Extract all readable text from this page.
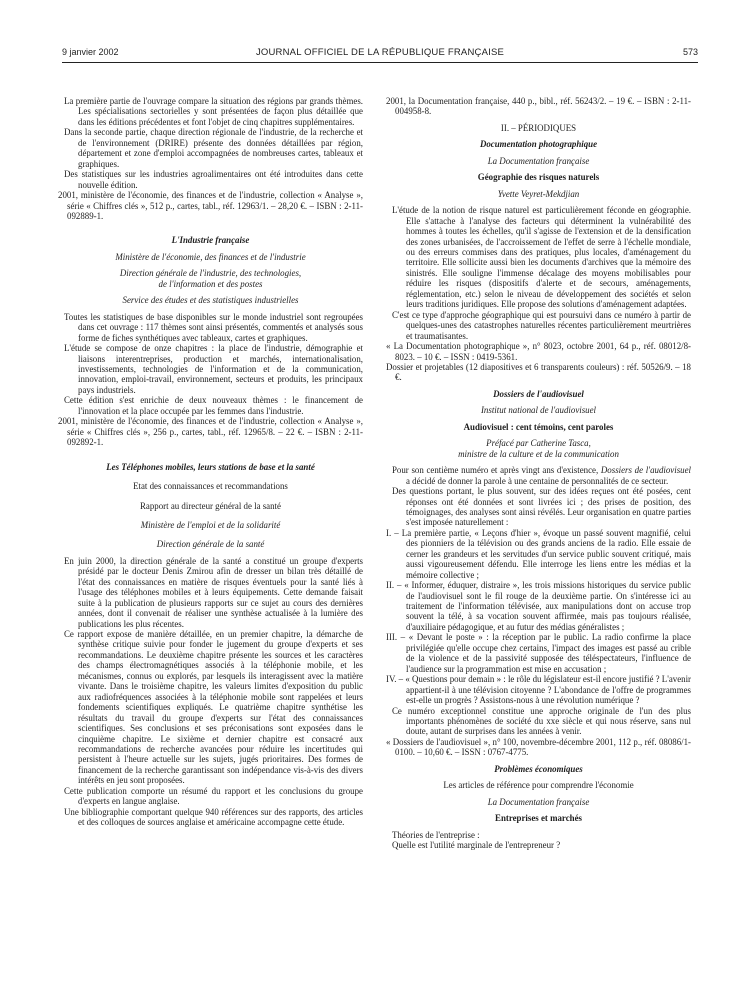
9 janvier 2002	JOURNAL OFFICIEL DE LA RÉPUBLIQUE FRANÇAISE	573

La première partie de l'ouvrage compare la situation des régions par grands thèmes. Les spécialisations sectorielles y sont présentées de façon plus détaillée que dans les éditions précédentes et font l'objet de cinq chapitres supplémentaires.

Dans la seconde partie, chaque direction régionale de l'industrie, de la recherche et de l'environnement (DRIRE) présente des données détaillées par région, département et zone d'emploi accompagnées de nombreuses cartes, tableaux et graphiques.

Des statistiques sur les industries agroalimentaires ont été introduites dans cette nouvelle édition.

2001, ministère de l'économie, des finances et de l'industrie, collection « Analyse », série « Chiffres clés », 512 p., cartes, tabl., réf. 12963/1. – 28,20 €. – ISBN : 2-11-092889-1.

L'Industrie française

Ministère de l'économie, des finances et de l'industrie

Direction générale de l'industrie, des technologies,

de l'information et des postes

Service des études et des statistiques industrielles

Toutes les statistiques de base disponibles sur le monde industriel sont regroupées dans cet ouvrage : 117 thèmes sont ainsi présentés, commentés et analysés sous forme de fiches synthétiques avec tableaux, cartes et graphiques.

L'étude se compose de onze chapitres : la place de l'industrie, démographie et liaisons interentreprises, production et marchés, internationalisation, investissements, technologies de l'information et de la communication, innovation, emploi-travail, environnement, secteurs et produits, les principaux pays industriels.

Cette édition s'est enrichie de deux nouveaux thèmes : le financement de l'innovation et la place occupée par les femmes dans l'industrie.

2001, ministère de l'économie, des finances et de l'industrie, collection « Analyse », série « Chiffres clés », 256 p., cartes, tabl., réf. 12965/8. – 22 €. – ISBN : 2-11-092892-1.

Les Téléphones mobiles, leurs stations de base et la santé

Etat des connaissances et recommandations

Rapport au directeur général de la santé

Ministère de l'emploi et de la solidarité

Direction générale de la santé

En juin 2000, la direction générale de la santé a constitué un groupe d'experts présidé par le docteur Denis Zmirou afin de dresser un bilan très détaillé de l'état des connaissances en matière de risques éventuels pour la santé liés à l'usage des téléphones mobiles et à leurs équipements. Cette demande faisait suite à la publication de plusieurs rapports sur ce sujet au cours des dernières années, dont il convenait de réaliser une synthèse actualisée à la lumière des publications les plus récentes.

Ce rapport expose de manière détaillée, en un premier chapitre, la démarche de synthèse critique suivie pour fonder le jugement du groupe d'experts et ses recommandations. Le deuxième chapitre présente les sources et les caractères des champs électromagnétiques associés à la téléphonie mobile, et les mécanismes, connus ou explorés, par lesquels ils interagissent avec la matière vivante. Dans le troisième chapitre, les valeurs limites d'exposition du public aux radiofréquences associées à la téléphonie mobile sont rappelées et leurs fondements scientifiques expliqués. Le quatrième chapitre synthétise les résultats du travail du groupe d'experts sur l'état des connaissances scientifiques. Ses conclusions et ses préconisations sont exposées dans le cinquième chapitre. Le sixième et dernier chapitre est consacré aux recommandations de recherche avancées pour réduire les incertitudes qui persistent à l'heure actuelle sur les sujets, jugés prioritaires. Des formes de financement de la recherche garantissant son indépendance vis-à-vis des divers intérêts en jeu sont proposées.

Cette publication comporte un résumé du rapport et les conclusions du groupe d'experts en langue anglaise.

Une bibliographie comportant quelque 940 références sur des rapports, des articles et des colloques de sources anglaise et américaine accompagne cette étude.

2001, la Documentation française, 440 p., bibl., réf. 56243/2. – 19 €. – ISBN : 2-11-004958-8.

II. – PÉRIODIQUES

Documentation photographique

La Documentation française

Géographie des risques naturels

Yvette Veyret-Mekdjian

L'étude de la notion de risque naturel est particulièrement féconde en géographie. Elle s'attache à l'analyse des facteurs qui déterminent la vulnérabilité des hommes à toutes les échelles, qu'il s'agisse de l'extension et de la densification des zones urbanisées, de l'accroissement de l'effet de serre à l'échelle mondiale, ou des erreurs commises dans des pratiques, plus locales, d'aménagement du territoire. Elle sollicite aussi bien les documents d'archives que la mémoire des sinistrés. Elle souligne l'immense décalage des moyens mobilisables pour réduire les risques (dispositifs d'alerte et de secours, aménagements, réglementation, etc.) selon le niveau de développement des sociétés et selon leurs traditions juridiques. Elle propose des solutions d'aménagement adaptées.

C'est ce type d'approche géographique qui est poursuivi dans ce numéro à partir de quelques-unes des catastrophes naturelles récentes particulièrement meurtrières et traumatisantes.

« La Documentation photographique », n° 8023, octobre 2001, 64 p., réf. 08012/8-8023. – 10 €. – ISSN : 0419-5361.

Dossier et projetables (12 diapositives et 6 transparents couleurs) : réf. 50526/9. – 18 €.

Dossiers de l'audiovisuel

Institut national de l'audiovisuel

Audiovisuel : cent témoins, cent paroles

Préfacé par Catherine Tasca,

ministre de la culture et de la communication

Pour son centième numéro et après vingt ans d'existence, Dossiers de l'audiovisuel a décidé de donner la parole à une centaine de personnalités de ce secteur.

Des questions portant, le plus souvent, sur des idées reçues ont été posées, cent réponses ont été données et sont livrées ici ; des prises de position, des témoignages, des analyses sont ainsi révélés. Leur organisation en quatre parties s'est imposée naturellement :

I. – La première partie, « Leçons d'hier », évoque un passé souvent magnifié, celui des pionniers de la télévision ou des grands anciens de la radio. Elle essaie de cerner les grandeurs et les servitudes d'un service public souvent critiqué, mais aussi vigoureusement défendu. Elle interroge les liens entre les médias et la mémoire collective ;

II. – « Informer, éduquer, distraire », les trois missions historiques du service public de l'audiovisuel sont le fil rouge de la deuxième partie. On s'intéresse ici au traitement de l'information télévisée, aux manipulations dont on accuse trop souvent la télé, à sa vocation souvent affirmée, mais pas toujours réalisée, d'auxiliaire pédagogique, et au futur des médias généralistes ;

III. – « Devant le poste » : la réception par le public. La radio confirme la place privilégiée qu'elle occupe chez certains, l'impact des images est passé au crible de la violence et de la passivité supposée des téléspectateurs, l'influence de l'audience sur la programmation est mise en accusation ;

IV. – « Questions pour demain » : le rôle du législateur est-il encore justifié ? L'avenir appartient-il à une télévision citoyenne ? L'abondance de l'offre de programmes est-elle un progrès ? Assistons-nous à une révolution numérique ?

Ce numéro exceptionnel constitue une approche originale de l'un des plus importants phénomènes de société du xxe siècle et qui nous réserve, sans nul doute, autant de surprises dans les années à venir.

« Dossiers de l'audiovisuel », n° 100, novembre-décembre 2001, 112 p., réf. 08086/1-0100. – 10,60 €. – ISSN : 0767-4775.

Problèmes économiques

Les articles de référence pour comprendre l'économie

La Documentation française

Entreprises et marchés

Théories de l'entreprise :

Quelle est l'utilité marginale de l'entrepreneur ?
